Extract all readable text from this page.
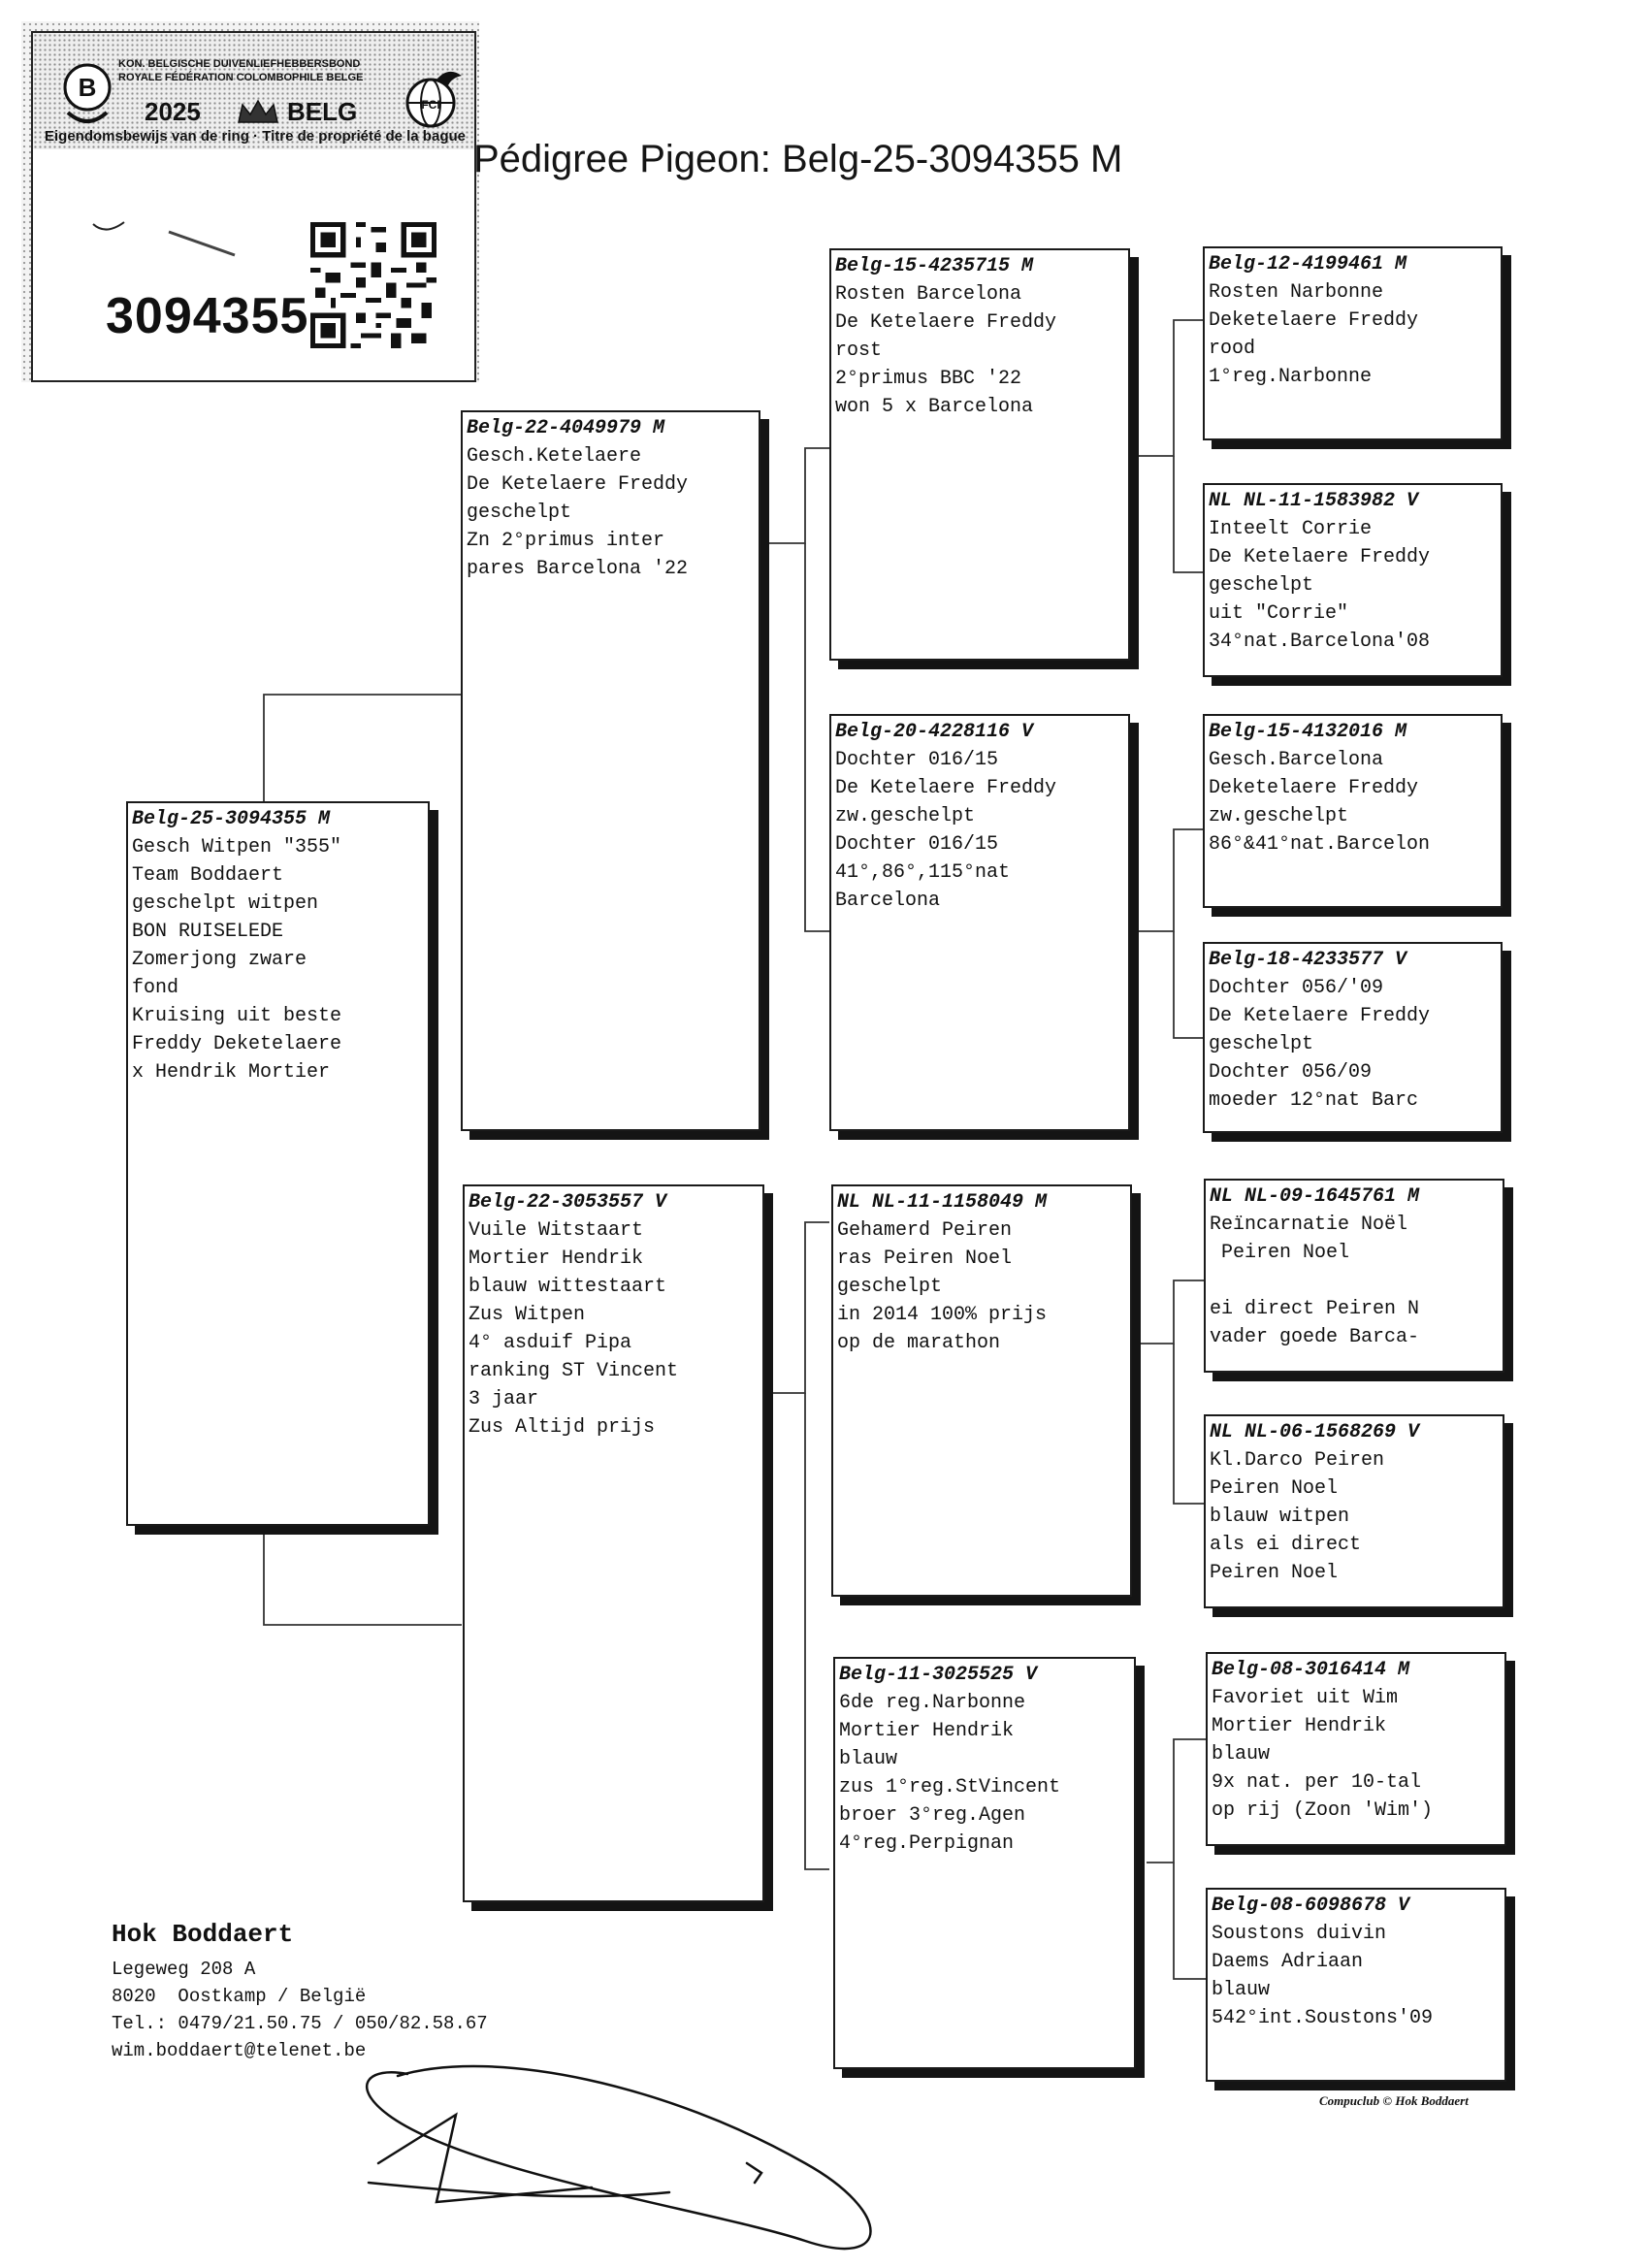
B
KON. BELGISCHE DUIVENLIEFHEBBERSBOND
ROYALE FÉDÉRATION COLOMBOPHILE BELGE
FCI
2025	BELG
Eigendomsbewijs van de ring · Titre de propriété de la bague
3094355
Pédigree Pigeon: Belg-25-3094355 M
Belg-25-3094355 M
Gesch Witpen "355"
Team Boddaert
geschelpt witpen
BON RUISELEDE
Zomerjong zware
fond
Kruising uit beste
Freddy Deketelaere
x Hendrik Mortier
Belg-22-4049979 M
Gesch.Ketelaere
De Ketelaere Freddy
geschelpt
Zn 2°primus inter
pares Barcelona '22
Belg-22-3053557 V
Vuile Witstaart
Mortier Hendrik
blauw wittestaart
Zus Witpen
4° asduif Pipa
ranking ST Vincent
3 jaar
Zus Altijd prijs
Belg-15-4235715 M
Rosten Barcelona
De Ketelaere Freddy
rost
2°primus BBC '22
won 5 x Barcelona
Belg-20-4228116 V
Dochter 016/15
De Ketelaere Freddy
zw.geschelpt
Dochter 016/15
41°,86°,115°nat
Barcelona
NL NL-11-1158049 M
Gehamerd Peiren
ras Peiren Noel
geschelpt
in 2014 100% prijs
op de marathon
Belg-11-3025525 V
6de reg.Narbonne
Mortier Hendrik
blauw
zus 1°reg.StVincent
broer 3°reg.Agen
4°reg.Perpignan
Belg-12-4199461 M
Rosten Narbonne
Deketelaere Freddy
rood
1°reg.Narbonne
NL NL-11-1583982 V
Inteelt Corrie
De Ketelaere Freddy
geschelpt
uit "Corrie"
34°nat.Barcelona'08
Belg-15-4132016 M
Gesch.Barcelona
Deketelaere Freddy
zw.geschelpt
86°&41°nat.Barcelon
Belg-18-4233577 V
Dochter 056/'09
De Ketelaere Freddy
geschelpt
Dochter 056/09
moeder 12°nat Barc
NL NL-09-1645761 M
Reïncarnatie Noël
Peiren Noel
ei direct Peiren N
vader goede Barca-
NL NL-06-1568269 V
Kl.Darco Peiren
Peiren Noel
blauw witpen
als ei direct
Peiren Noel
Belg-08-3016414 M
Favoriet uit Wim
Mortier Hendrik
blauw
9x nat. per 10-tal
op rij (Zoon 'Wim')
Belg-08-6098678 V
Soustons duivin
Daems Adriaan
blauw
542°int.Soustons'09
Hok Boddaert
Legeweg 208 A
8020  Oostkamp / België
Tel.: 0479/21.50.75 / 050/82.58.67
wim.boddaert@telenet.be
Compuclub © Hok Boddaert
